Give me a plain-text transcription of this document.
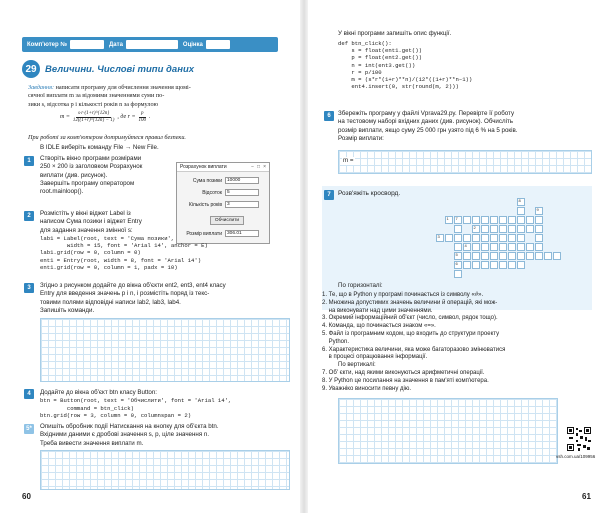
Комп'ютер №	Дата	Оцінка
29 Величини. Числові типи даних
Завдання: написати програму для обчислення значення щомі-
сячної виплати m за відомими значеннями суми по-
зики s, відсотка p і кількості років n за формулою
$m = \frac{s\cdot r\cdot(1+r)\^{}\{12n\}}{12((1+r)\^{}\{12n\} - 1)}$ , де $r = \frac{p}{100}$ .
При роботі за комп'ютером дотримуйтеся правил безпеки.
В IDLE виберіть команду File → New File.
1	Створіть вікно програми розмірами
250 × 200 із заголовком Розрахунок
виплати (див. рисунок).
Завершіть програму оператором
root.mainloop().
Розрахунок виплати	− □ ×
Сума позики	10000
Відсоток	5
Кількість років	3
Обчислити
Розмір виплати	306.01
2	Розмістіть у вікні віджет Label із
написом Сума позики і віджет Entry
для задання значення змінної s:
lab1 = Label(root, text = 'Сума позики',
width = 15, font = 'Arial 14', anchor = E)
lab1.grid(row = 0, column = 0)
ent1 = Entry(root, width = 8, font = 'Arial 14')
ent1.grid(row = 0, column = 1, padx = 10)
3	Згідно з рисунком додайте до вікна об'єкти ent2, ent3, ent4 класу
Entry для введення значень p і n, і розмістіть поряд із текс-
товими полями відповідні написи lab2, lab3, lab4.
Запишіть команди.
4	Додайте до вікна об'єкт btn класу Button:
btn = Button(root, text = 'Обчислити', font = 'Arial 14',
command = btn_click)
btn.grid(row = 3, column = 0, columnspan = 2)
5*	Опишіть обробник події Натискання на кнопку для об'єкта btn.
Вхідними даними є дробові значення s, p, ціле значення n.
Треба вивести значення виплати m.
60
У вікні програми запишіть опис функції.
def btn_click():
s = float(ent1.get())
p = float(ent2.get())
n = int(ent3.get())
r = p/100
m = (s*r*(1+r)**n)/(12*((1+r)**n–1))
ent4.insert(0, str(round(m, 2)))
6	Збережіть програму у файлі Vprava29.py. Перевірте її роботу
на тестовому наборі вхідних даних (див. рисунок). Обчисліть
розмір виплати, якщо суму 25 000 грн узято під 6 % на 5 років.
Розмір виплати:
m =
7	Розв'яжіть кросворд.
8
9
1	7
5
6
2
3
4
По горизонталі:
1. Те, що в Python у програмі починається із символу «#».
2. Множина допустимих значень величини й операцій, які мож-
на виконувати над цими значеннями.
3. Окремий інформаційний об'єкт (число, символ, рядок тощо).
4. Команда, що починається знаком «=».
5. Файл із програмним кодом, що входить до структури проекту
Python.
6. Характеристика величини, яка може багаторазово змінюватися
в процесі опрацювання інформації.
По вертикалі:
7. Об' єкти, над якими виконуються арифметичні операції.
8. У Python це посилання на значення в пам'яті комп'ютера.
9. Уважніко виносити певну дію.
vsh.com.ua/109956
61
